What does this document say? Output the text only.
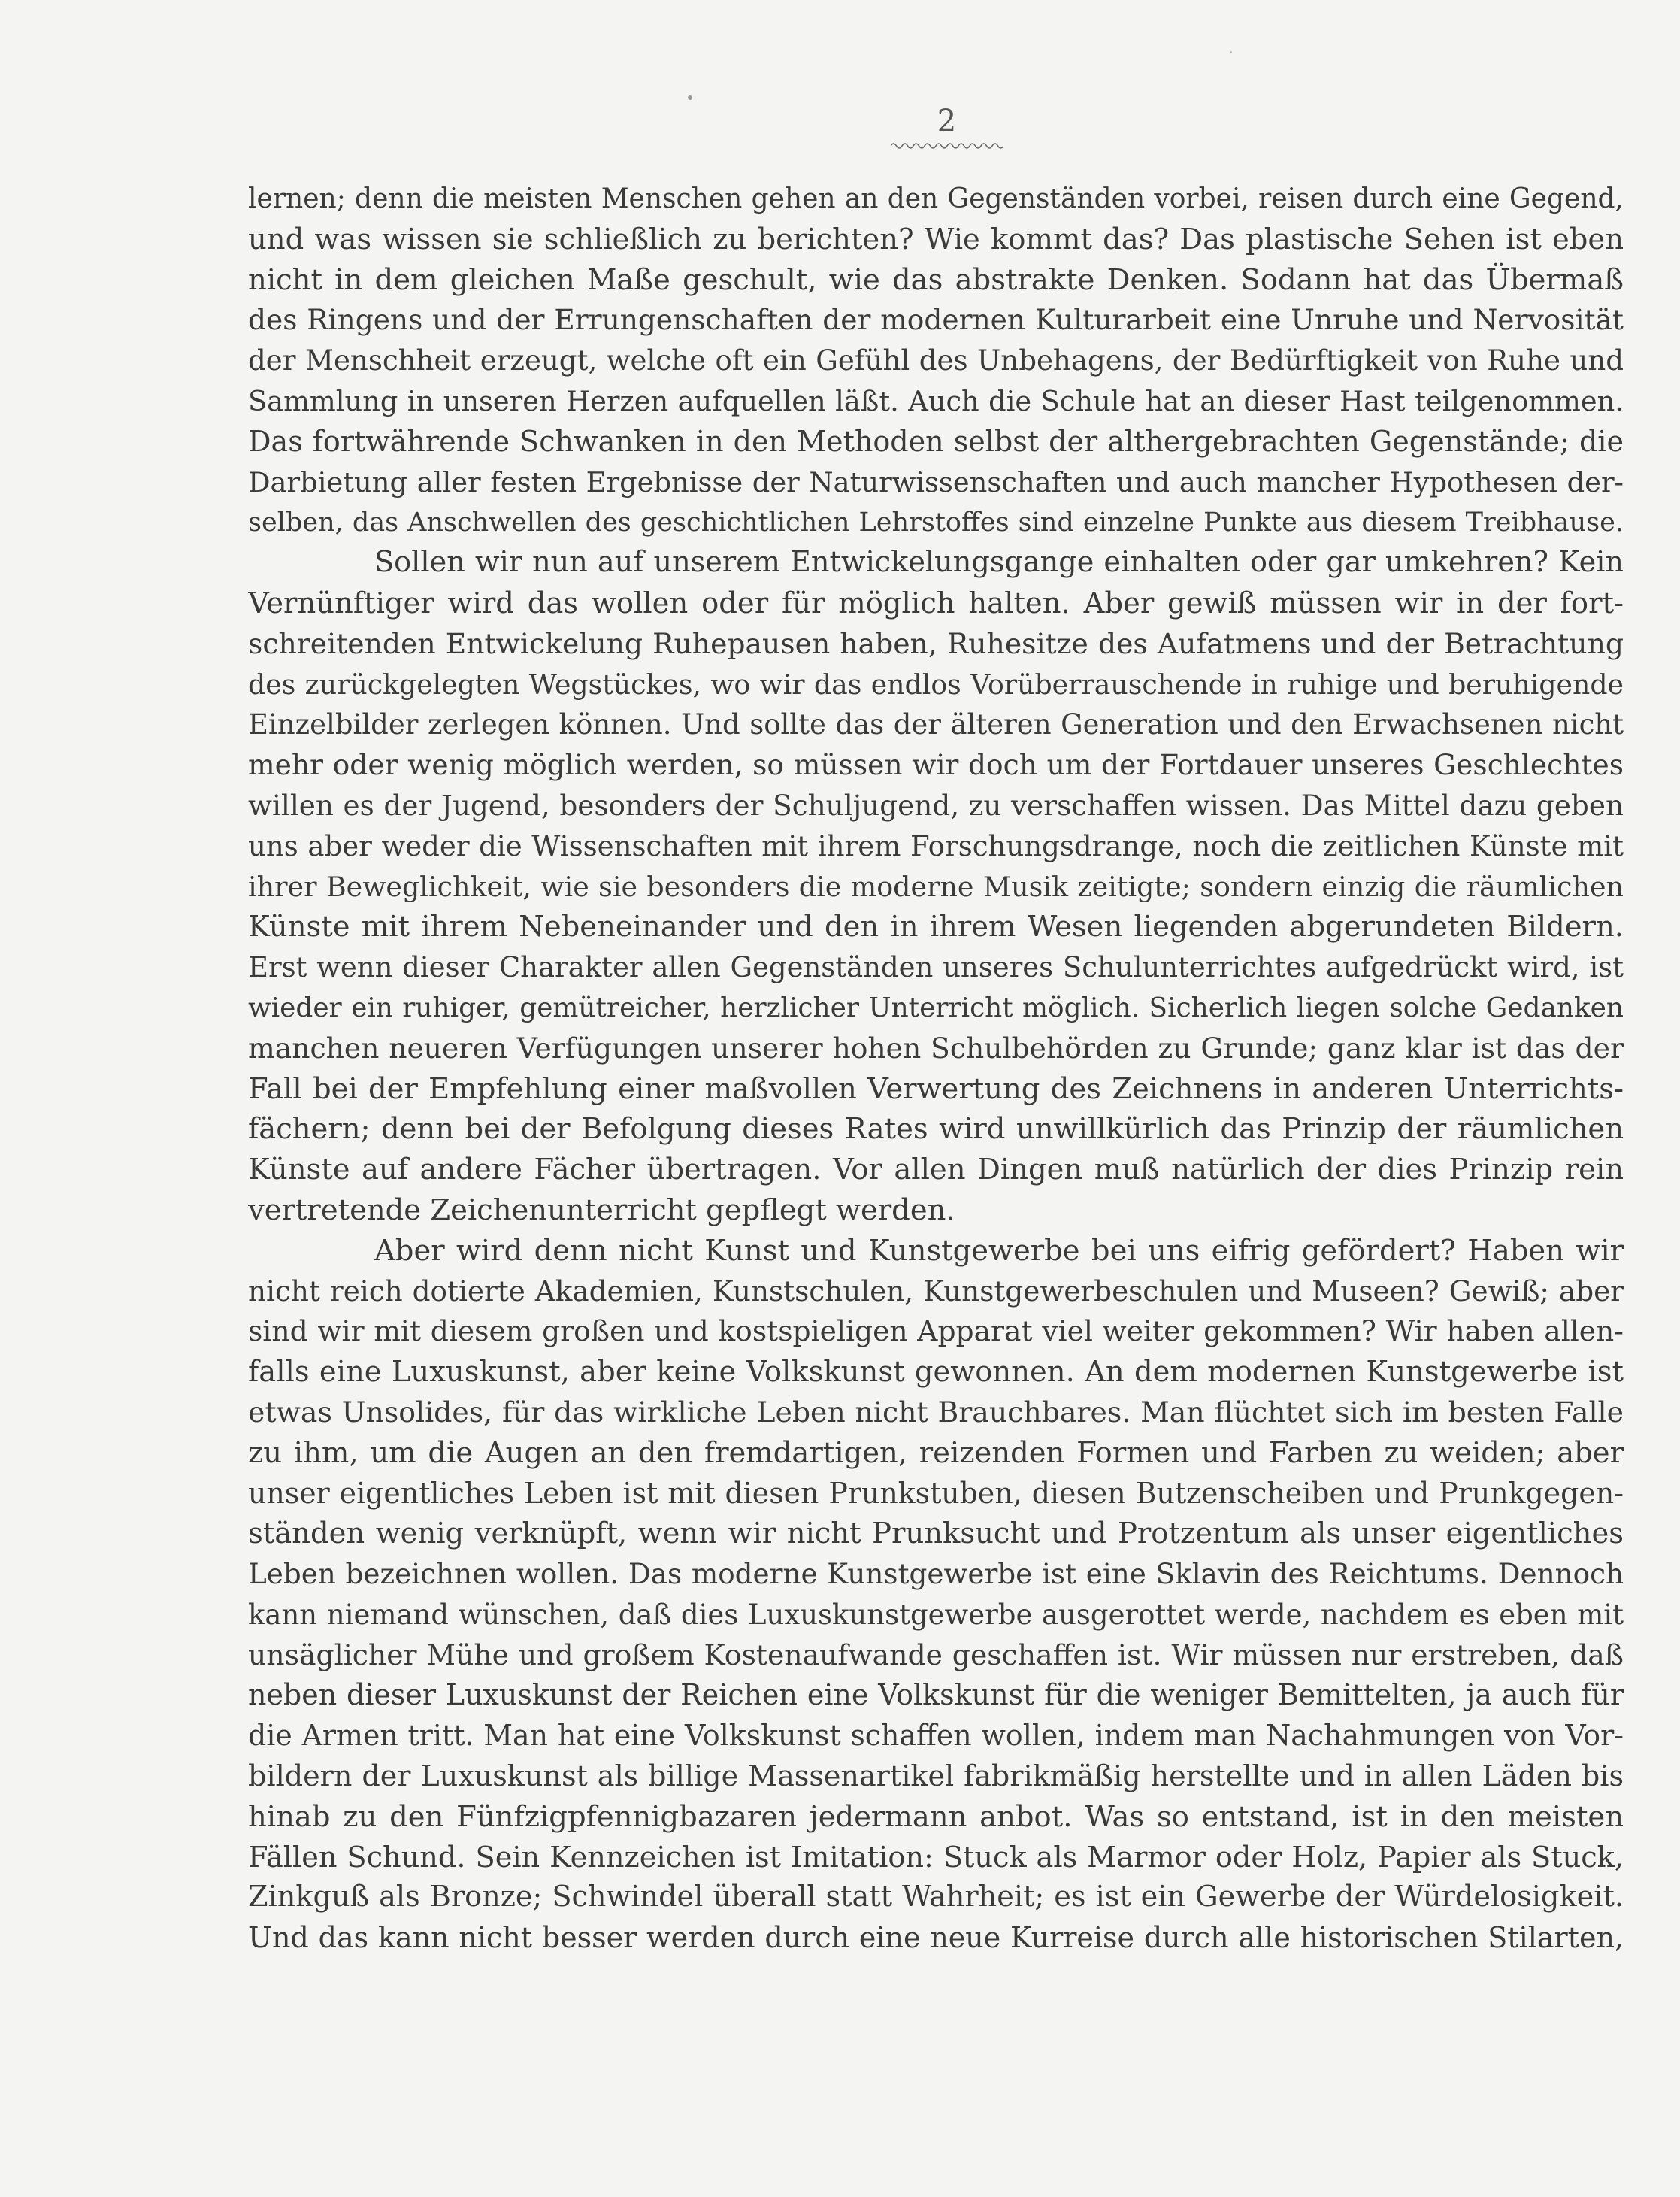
2
lernen; denn die meisten Menschen gehen an den Gegenständen vorbei, reisen durch eine Gegend,
und was wissen sie schließlich zu berichten? Wie kommt das? Das plastische Sehen ist eben
nicht in dem gleichen Maße geschult, wie das abstrakte Denken. Sodann hat das Übermaß
des Ringens und der Errungenschaften der modernen Kulturarbeit eine Unruhe und Nervosität
der Menschheit erzeugt, welche oft ein Gefühl des Unbehagens, der Bedürftigkeit von Ruhe und
Sammlung in unseren Herzen aufquellen läßt. Auch die Schule hat an dieser Hast teilgenommen.
Das fortwährende Schwanken in den Methoden selbst der althergebrachten Gegenstände; die
Darbietung aller festen Ergebnisse der Naturwissenschaften und auch mancher Hypothesen der-
selben, das Anschwellen des geschichtlichen Lehrstoffes sind einzelne Punkte aus diesem Treibhause.
Sollen wir nun auf unserem Entwickelungsgange einhalten oder gar umkehren? Kein
Vernünftiger wird das wollen oder für möglich halten. Aber gewiß müssen wir in der fort-
schreitenden Entwickelung Ruhepausen haben, Ruhesitze des Aufatmens und der Betrachtung
des zurückgelegten Wegstückes, wo wir das endlos Vorüberrauschende in ruhige und beruhigende
Einzelbilder zerlegen können. Und sollte das der älteren Generation und den Erwachsenen nicht
mehr oder wenig möglich werden, so müssen wir doch um der Fortdauer unseres Geschlechtes
willen es der Jugend, besonders der Schuljugend, zu verschaffen wissen. Das Mittel dazu geben
uns aber weder die Wissenschaften mit ihrem Forschungsdrange, noch die zeitlichen Künste mit
ihrer Beweglichkeit, wie sie besonders die moderne Musik zeitigte; sondern einzig die räumlichen
Künste mit ihrem Nebeneinander und den in ihrem Wesen liegenden abgerundeten Bildern.
Erst wenn dieser Charakter allen Gegenständen unseres Schulunterrichtes aufgedrückt wird, ist
wieder ein ruhiger, gemütreicher, herzlicher Unterricht möglich. Sicherlich liegen solche Gedanken
manchen neueren Verfügungen unserer hohen Schulbehörden zu Grunde; ganz klar ist das der
Fall bei der Empfehlung einer maßvollen Verwertung des Zeichnens in anderen Unterrichts-
fächern; denn bei der Befolgung dieses Rates wird unwillkürlich das Prinzip der räumlichen
Künste auf andere Fächer übertragen. Vor allen Dingen muß natürlich der dies Prinzip rein
vertretende Zeichenunterricht gepflegt werden.
Aber wird denn nicht Kunst und Kunstgewerbe bei uns eifrig gefördert? Haben wir
nicht reich dotierte Akademien, Kunstschulen, Kunstgewerbeschulen und Museen? Gewiß; aber
sind wir mit diesem großen und kostspieligen Apparat viel weiter gekommen? Wir haben allen-
falls eine Luxuskunst, aber keine Volkskunst gewonnen. An dem modernen Kunstgewerbe ist
etwas Unsolides, für das wirkliche Leben nicht Brauchbares. Man flüchtet sich im besten Falle
zu ihm, um die Augen an den fremdartigen, reizenden Formen und Farben zu weiden; aber
unser eigentliches Leben ist mit diesen Prunkstuben, diesen Butzenscheiben und Prunkgegen-
ständen wenig verknüpft, wenn wir nicht Prunksucht und Protzentum als unser eigentliches
Leben bezeichnen wollen. Das moderne Kunstgewerbe ist eine Sklavin des Reichtums. Dennoch
kann niemand wünschen, daß dies Luxuskunstgewerbe ausgerottet werde, nachdem es eben mit
unsäglicher Mühe und großem Kostenaufwande geschaffen ist. Wir müssen nur erstreben, daß
neben dieser Luxuskunst der Reichen eine Volkskunst für die weniger Bemittelten, ja auch für
die Armen tritt. Man hat eine Volkskunst schaffen wollen, indem man Nachahmungen von Vor-
bildern der Luxuskunst als billige Massenartikel fabrikmäßig herstellte und in allen Läden bis
hinab zu den Fünfzigpfennigbazaren jedermann anbot. Was so entstand, ist in den meisten
Fällen Schund. Sein Kennzeichen ist Imitation: Stuck als Marmor oder Holz, Papier als Stuck,
Zinkguß als Bronze; Schwindel überall statt Wahrheit; es ist ein Gewerbe der Würdelosigkeit.
Und das kann nicht besser werden durch eine neue Kurreise durch alle historischen Stilarten,
